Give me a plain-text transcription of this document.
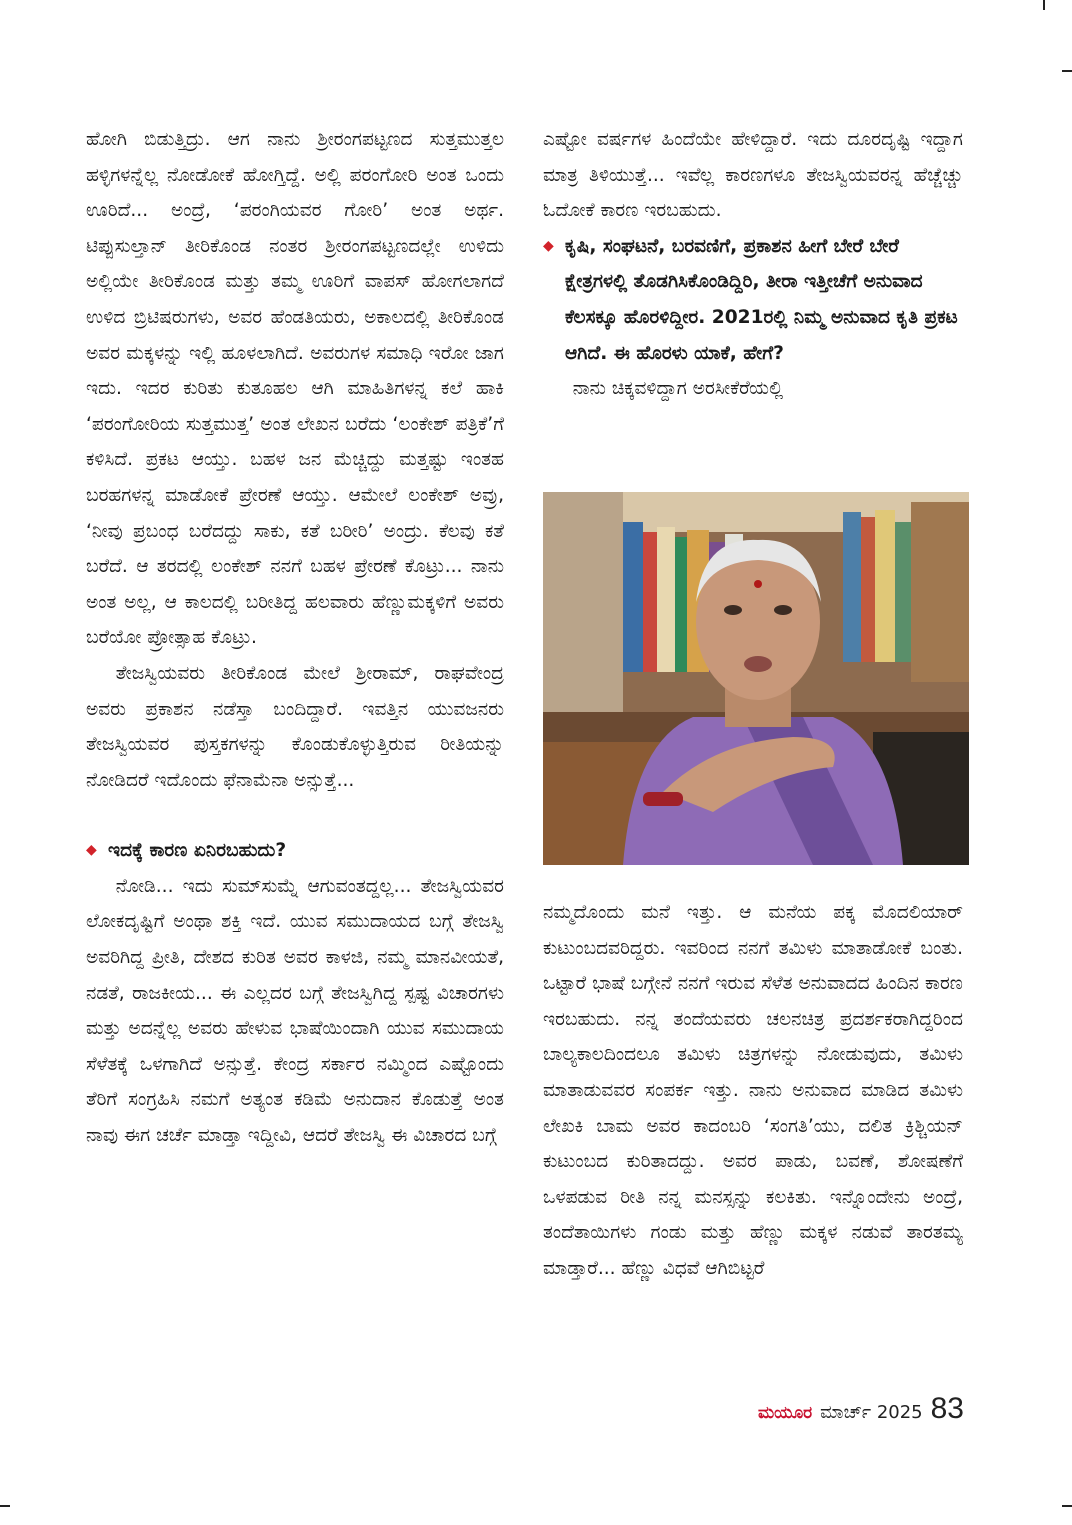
ಹೋಗಿ ಬಿಡುತ್ತಿದ್ರು. ಆಗ ನಾನು ಶ್ರೀರಂಗಪಟ್ಟಣದ ಸುತ್ತಮುತ್ತಲ ಹಳ್ಳಿಗಳನ್ನೆಲ್ಲ ನೋಡೋಕೆ ಹೋಗ್ತಿದ್ದೆ. ಅಲ್ಲಿ ಪರಂಗೋರಿ ಅಂತ ಒಂದು ಊರಿದೆ... ಅಂದ್ರೆ, ‘ಪರಂಗಿಯವರ ಗೋರಿ’ ಅಂತ ಅರ್ಥ. ಟಿಪ್ಪುಸುಲ್ತಾನ್ ತೀರಿಕೊಂಡ ನಂತರ ಶ್ರೀರಂಗಪಟ್ಟಣದಲ್ಲೇ ಉಳಿದು ಅಲ್ಲಿಯೇ ತೀರಿಕೊಂಡ ಮತ್ತು ತಮ್ಮ ಊರಿಗೆ ವಾಪಸ್ ಹೋಗಲಾಗದೆ ಉಳಿದ ಬ್ರಿಟಿಷರುಗಳು, ಅವರ ಹೆಂಡತಿಯರು, ಅಕಾಲದಲ್ಲಿ ತೀರಿಕೊಂಡ ಅವರ ಮಕ್ಕಳನ್ನು ಇಲ್ಲಿ ಹೂಳಲಾಗಿದೆ. ಅವರುಗಳ ಸಮಾಧಿ ಇರೋ ಜಾಗ ಇದು. ಇದರ ಕುರಿತು ಕುತೂಹಲ ಆಗಿ ಮಾಹಿತಿಗಳನ್ನ ಕಲೆ ಹಾಕಿ ‘ಪರಂಗೋರಿಯ ಸುತ್ತಮುತ್ತ’ ಅಂತ ಲೇಖನ ಬರೆದು ‘ಲಂಕೇಶ್ ಪತ್ರಿಕೆ’ಗೆ ಕಳಿಸಿದೆ. ಪ್ರಕಟ ಆಯ್ತು. ಬಹಳ ಜನ ಮೆಚ್ಚಿದ್ದು ಮತ್ತಷ್ಟು ಇಂತಹ ಬರಹಗಳನ್ನ ಮಾಡೋಕೆ ಪ್ರೇರಣೆ ಆಯ್ತು. ಆಮೇಲೆ ಲಂಕೇಶ್ ಅವ್ರು, ‘ನೀವು ಪ್ರಬಂಧ ಬರೆದದ್ದು ಸಾಕು, ಕತೆ ಬರೀರಿ’ ಅಂದ್ರು. ಕೆಲವು ಕತೆ ಬರೆದೆ. ಆ ತರದಲ್ಲಿ ಲಂಕೇಶ್ ನನಗೆ ಬಹಳ ಪ್ರೇರಣೆ ಕೊಟ್ರು... ನಾನು ಅಂತ ಅಲ್ಲ, ಆ ಕಾಲದಲ್ಲಿ ಬರೀತಿದ್ದ ಹಲವಾರು ಹೆಣ್ಣುಮಕ್ಕಳಿಗೆ ಅವರು ಬರೆಯೋ ಪ್ರೋತ್ಸಾಹ ಕೊಟ್ರು.

ತೇಜಸ್ವಿಯವರು ತೀರಿಕೊಂಡ ಮೇಲೆ ಶ್ರೀರಾಮ್, ರಾಘವೇಂದ್ರ ಅವರು ಪ್ರಕಾಶನ ನಡೆಸ್ತಾ ಬಂದಿದ್ದಾರೆ. ಇವತ್ತಿನ ಯುವಜನರು ತೇಜಸ್ವಿಯವರ ಪುಸ್ತಕಗಳನ್ನು ಕೊಂಡುಕೊಳ್ಳುತ್ತಿರುವ ರೀತಿಯನ್ನು ನೋಡಿದರೆ ಇದೊಂದು ಫೆನಾಮೆನಾ ಅನ್ಸುತ್ತೆ...

◆ ಇದಕ್ಕೆ ಕಾರಣ ಏನಿರಬಹುದು?

ನೋಡಿ... ಇದು ಸುಮ್‌ಸುಮ್ನೆ ಆಗುವಂತದ್ದಲ್ಲ... ತೇಜಸ್ವಿಯವರ ಲೋಕದೃಷ್ಟಿಗೆ ಅಂಥಾ ಶಕ್ತಿ ಇದೆ. ಯುವ ಸಮುದಾಯದ ಬಗ್ಗೆ ತೇಜಸ್ವಿ ಅವರಿಗಿದ್ದ ಪ್ರೀತಿ, ದೇಶದ ಕುರಿತ ಅವರ ಕಾಳಜಿ, ನಮ್ಮ ಮಾನವೀಯತೆ, ನಡತೆ, ರಾಜಕೀಯ... ಈ ಎಲ್ಲದರ ಬಗ್ಗೆ ತೇಜಸ್ವಿಗಿದ್ದ ಸ್ಪಷ್ಟ ವಿಚಾರಗಳು ಮತ್ತು ಅದನ್ನೆಲ್ಲ ಅವರು ಹೇಳುವ ಭಾಷೆಯಿಂದಾಗಿ ಯುವ ಸಮುದಾಯ ಸೆಳೆತಕ್ಕೆ ಒಳಗಾಗಿದೆ ಅನ್ಸುತ್ತೆ. ಕೇಂದ್ರ ಸರ್ಕಾರ ನಮ್ಮಿಂದ ಎಷ್ಟೊಂದು ತೆರಿಗೆ ಸಂಗ್ರಹಿಸಿ ನಮಗೆ ಅತ್ಯಂತ ಕಡಿಮೆ ಅನುದಾನ ಕೊಡುತ್ತೆ ಅಂತ ನಾವು ಈಗ ಚರ್ಚೆ ಮಾಡ್ತಾ ಇದ್ದೀವಿ, ಆದರೆ ತೇಜಸ್ವಿ ಈ ವಿಚಾರದ ಬಗ್ಗೆ

ಎಷ್ಟೋ ವರ್ಷಗಳ ಹಿಂದೆಯೇ ಹೇಳಿದ್ದಾರೆ. ಇದು ದೂರದೃಷ್ಟಿ ಇದ್ದಾಗ ಮಾತ್ರ ತಿಳಿಯುತ್ತೆ... ಇವೆಲ್ಲ ಕಾರಣಗಳೂ ತೇಜಸ್ವಿಯವರನ್ನ ಹೆಚ್ಚೆಚ್ಚು ಓದೋಕೆ ಕಾರಣ ಇರಬಹುದು.

◆ ಕೃಷಿ, ಸಂಘಟನೆ, ಬರವಣಿಗೆ, ಪ್ರಕಾಶನ ಹೀಗೆ ಬೇರೆ ಬೇರೆ ಕ್ಷೇತ್ರಗಳಲ್ಲಿ ತೊಡಗಿಸಿಕೊಂಡಿದ್ದಿರಿ, ತೀರಾ ಇತ್ತೀಚೆಗೆ ಅನುವಾದ ಕೆಲಸಕ್ಕೂ ಹೊರಳಿದ್ದೀರ. 2021ರಲ್ಲಿ ನಿಮ್ಮ ಅನುವಾದ ಕೃತಿ ಪ್ರಕಟ ಆಗಿದೆ. ಈ ಹೊರಳು ಯಾಕೆ, ಹೇಗೆ?

ನಾನು ಚಿಕ್ಕವಳಿದ್ದಾಗ ಅರಸೀಕೆರೆಯಲ್ಲಿ

ನಮ್ಮದೊಂದು ಮನೆ ಇತ್ತು. ಆ ಮನೆಯ ಪಕ್ಕ ಮೊದಲಿಯಾರ್ ಕುಟುಂಬದವರಿದ್ದರು. ಇವರಿಂದ ನನಗೆ ತಮಿಳು ಮಾತಾಡೋಕೆ ಬಂತು. ಒಟ್ಟಾರೆ ಭಾಷೆ ಬಗ್ಗೇನೆ ನನಗೆ ಇರುವ ಸೆಳೆತ ಅನುವಾದದ ಹಿಂದಿನ ಕಾರಣ ಇರಬಹುದು. ನನ್ನ ತಂದೆಯವರು ಚಲನಚಿತ್ರ ಪ್ರದರ್ಶಕರಾಗಿದ್ದರಿಂದ ಬಾಲ್ಯಕಾಲದಿಂದಲೂ ತಮಿಳು ಚಿತ್ರಗಳನ್ನು ನೋಡುವುದು, ತಮಿಳು ಮಾತಾಡುವವರ ಸಂಪರ್ಕ ಇತ್ತು. ನಾನು ಅನುವಾದ ಮಾಡಿದ ತಮಿಳು ಲೇಖಕಿ ಬಾಮ ಅವರ ಕಾದಂಬರಿ ‘ಸಂಗತಿ’ಯು, ದಲಿತ ಕ್ರಿಶ್ಚಿಯನ್ ಕುಟುಂಬದ ಕುರಿತಾದದ್ದು. ಅವರ ಪಾಡು, ಬವಣೆ, ಶೋಷಣೆಗೆ ಒಳಪಡುವ ರೀತಿ ನನ್ನ ಮನಸ್ಸನ್ನು ಕಲಕಿತು. ಇನ್ನೊಂದೇನು ಅಂದ್ರೆ, ತಂದೆತಾಯಿಗಳು ಗಂಡು ಮತ್ತು ಹೆಣ್ಣು ಮಕ್ಕಳ ನಡುವೆ ತಾರತಮ್ಯ ಮಾಡ್ತಾರೆ... ಹೆಣ್ಣು ವಿಧವೆ ಆಗಿಬಿಟ್ಟರೆ

ಮಯೂರ ಮಾರ್ಚ್ 2025 83
